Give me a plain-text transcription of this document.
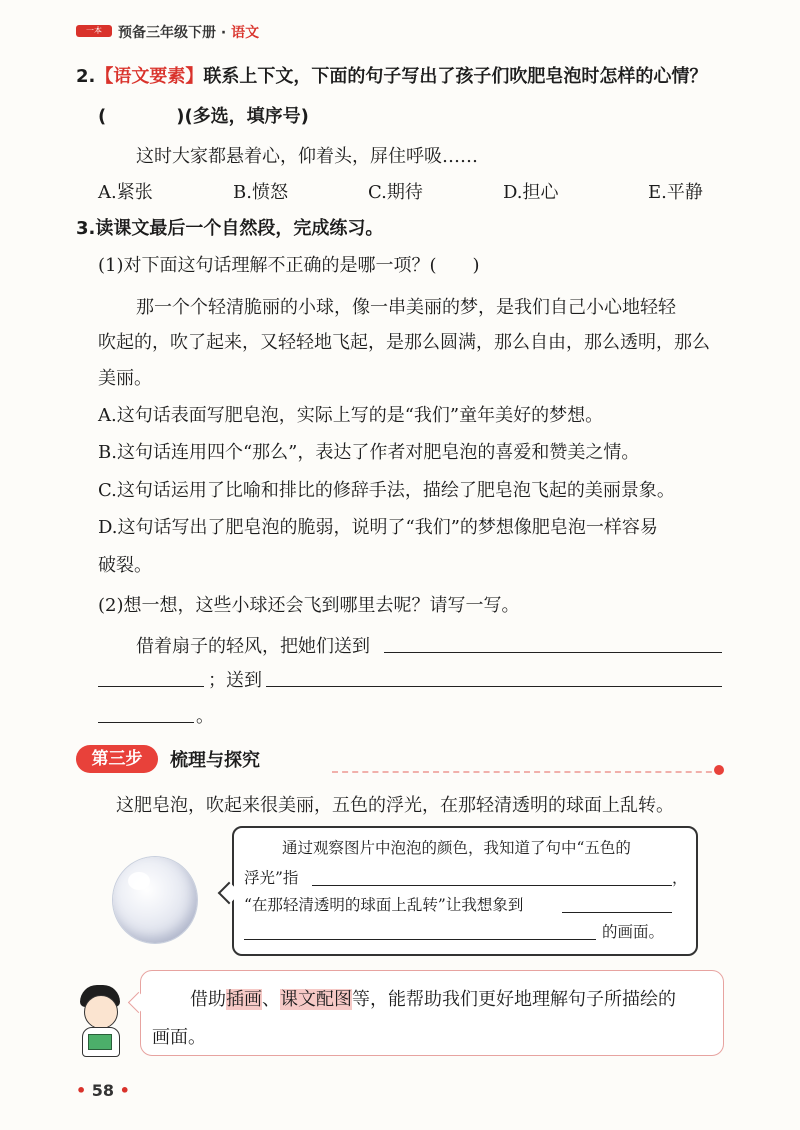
一本	预备三年级下册 · 语文
2.【语文要素】联系上下文，下面的句子写出了孩子们吹肥皂泡时怎样的心情？
(	)(多选，填序号)
这时大家都悬着心，仰着头，屏住呼吸……
A.紧张	B.愤怒	C.期待	D.担心	E.平静
3.读课文最后一个自然段，完成练习。
(1)对下面这句话理解不正确的是哪一项？(　　)
那一个个轻清脆丽的小球，像一串美丽的梦，是我们自己小心地轻轻
吹起的，吹了起来，又轻轻地飞起，是那么圆满，那么自由，那么透明，那么
美丽。
A.这句话表面写肥皂泡，实际上写的是“我们”童年美好的梦想。
B.这句话连用四个“那么”，表达了作者对肥皂泡的喜爱和赞美之情。
C.这句话运用了比喻和排比的修辞手法，描绘了肥皂泡飞起的美丽景象。
D.这句话写出了肥皂泡的脆弱，说明了“我们”的梦想像肥皂泡一样容易
破裂。
(2)想一想，这些小球还会飞到哪里去呢？请写一写。
借着扇子的轻风，把她们送到
；送到
。
第三步	梳理与探究
这肥皂泡，吹起来很美丽，五色的浮光，在那轻清透明的球面上乱转。
通过观察图片中泡泡的颜色，我知道了句中“五色的
浮光”指	，
“在那轻清透明的球面上乱转”让我想象到
的画面。
借助插画、课文配图等，能帮助我们更好地理解句子所描绘的
画面。
• 58 •
